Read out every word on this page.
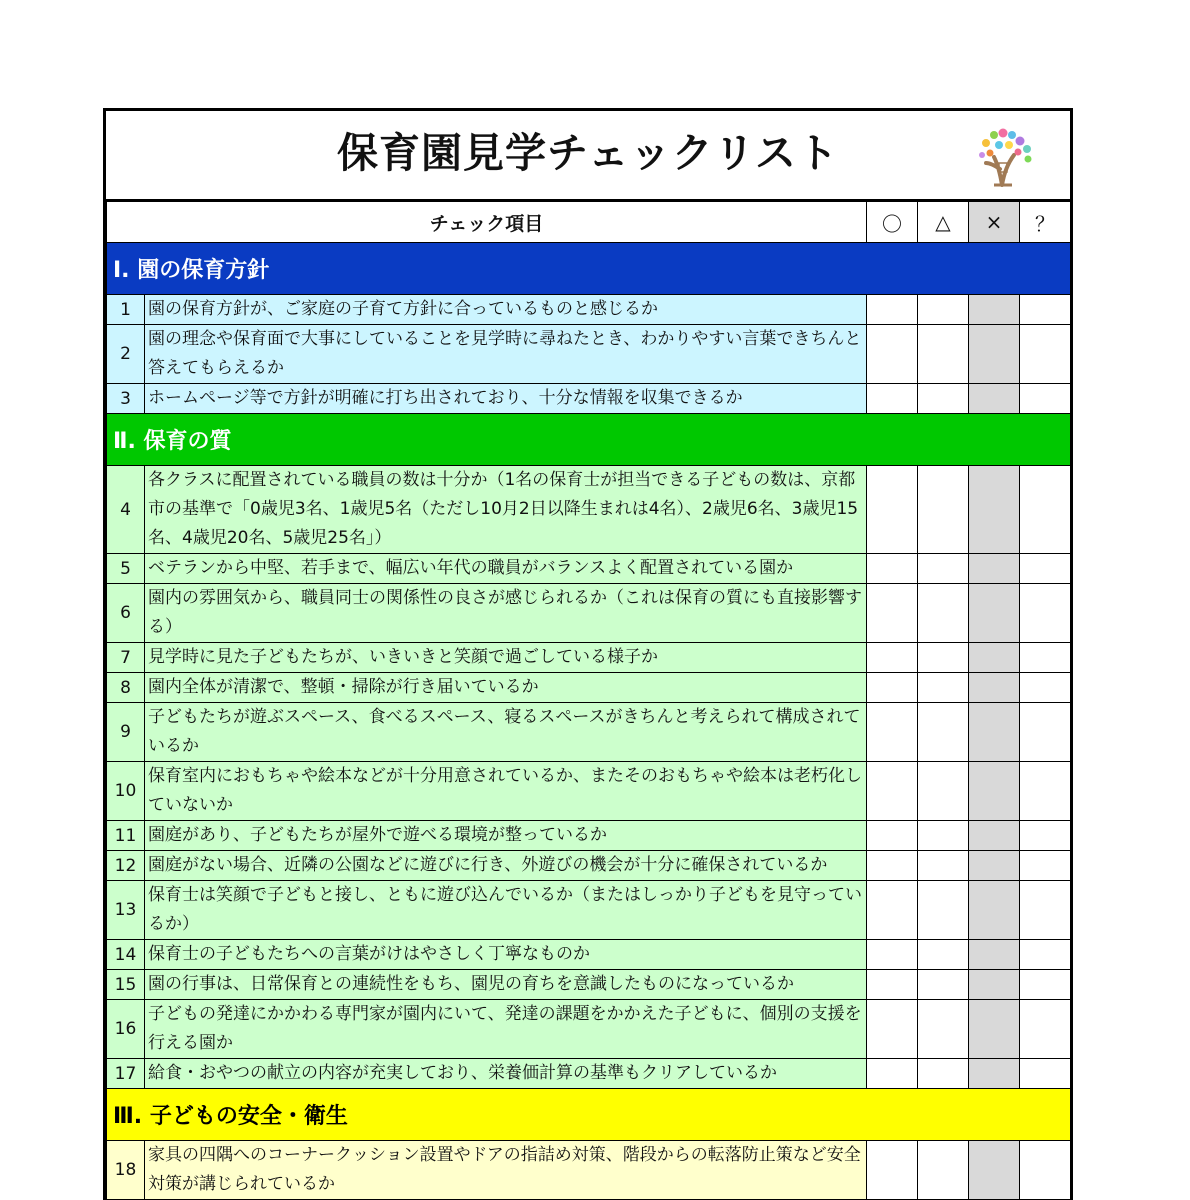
保育園見学チェックリスト
チェック項目		〇	△	×	？
Ⅰ. 園の保育方針					
1	園の保育方針が、ご家庭の子育て方針に合っているものと感じるか				
2	園の理念や保育面で大事にしていることを見学時に尋ねたとき、わかりやすい言葉できちんと答えてもらえるか				
3	ホームページ等で方針が明確に打ち出されており、十分な情報を収集できるか				
Ⅱ. 保育の質					
4	各クラスに配置されている職員の数は十分か（1名の保育士が担当できる子どもの数は、京都市の基準で「0歳児3名、1歳児5名（ただし10月2日以降生まれは4名）、2歳児6名、3歳児15名、4歳児20名、5歳児25名」）				
5	ベテランから中堅、若手まで、幅広い年代の職員がバランスよく配置されている園か				
6	園内の雰囲気から、職員同士の関係性の良さが感じられるか（これは保育の質にも直接影響する）				
7	見学時に見た子どもたちが、いきいきと笑顔で過ごしている様子か				
8	園内全体が清潔で、整頓・掃除が行き届いているか				
9	子どもたちが遊ぶスペース、食べるスペース、寝るスペースがきちんと考えられて構成されているか				
10	保育室内におもちゃや絵本などが十分用意されているか、またそのおもちゃや絵本は老朽化していないか				
11	園庭があり、子どもたちが屋外で遊べる環境が整っているか				
12	園庭がない場合、近隣の公園などに遊びに行き、外遊びの機会が十分に確保されているか				
13	保育士は笑顔で子どもと接し、ともに遊び込んでいるか（またはしっかり子どもを見守っているか）				
14	保育士の子どもたちへの言葉がけはやさしく丁寧なものか				
15	園の行事は、日常保育との連続性をもち、園児の育ちを意識したものになっているか				
16	子どもの発達にかかわる専門家が園内にいて、発達の課題をかかえた子どもに、個別の支援を行える園か				
17	給食・おやつの献立の内容が充実しており、栄養価計算の基準もクリアしているか				
Ⅲ. 子どもの安全・衛生					
18	家具の四隅へのコーナークッション設置やドアの指詰め対策、階段からの転落防止策など安全対策が講じられているか				
